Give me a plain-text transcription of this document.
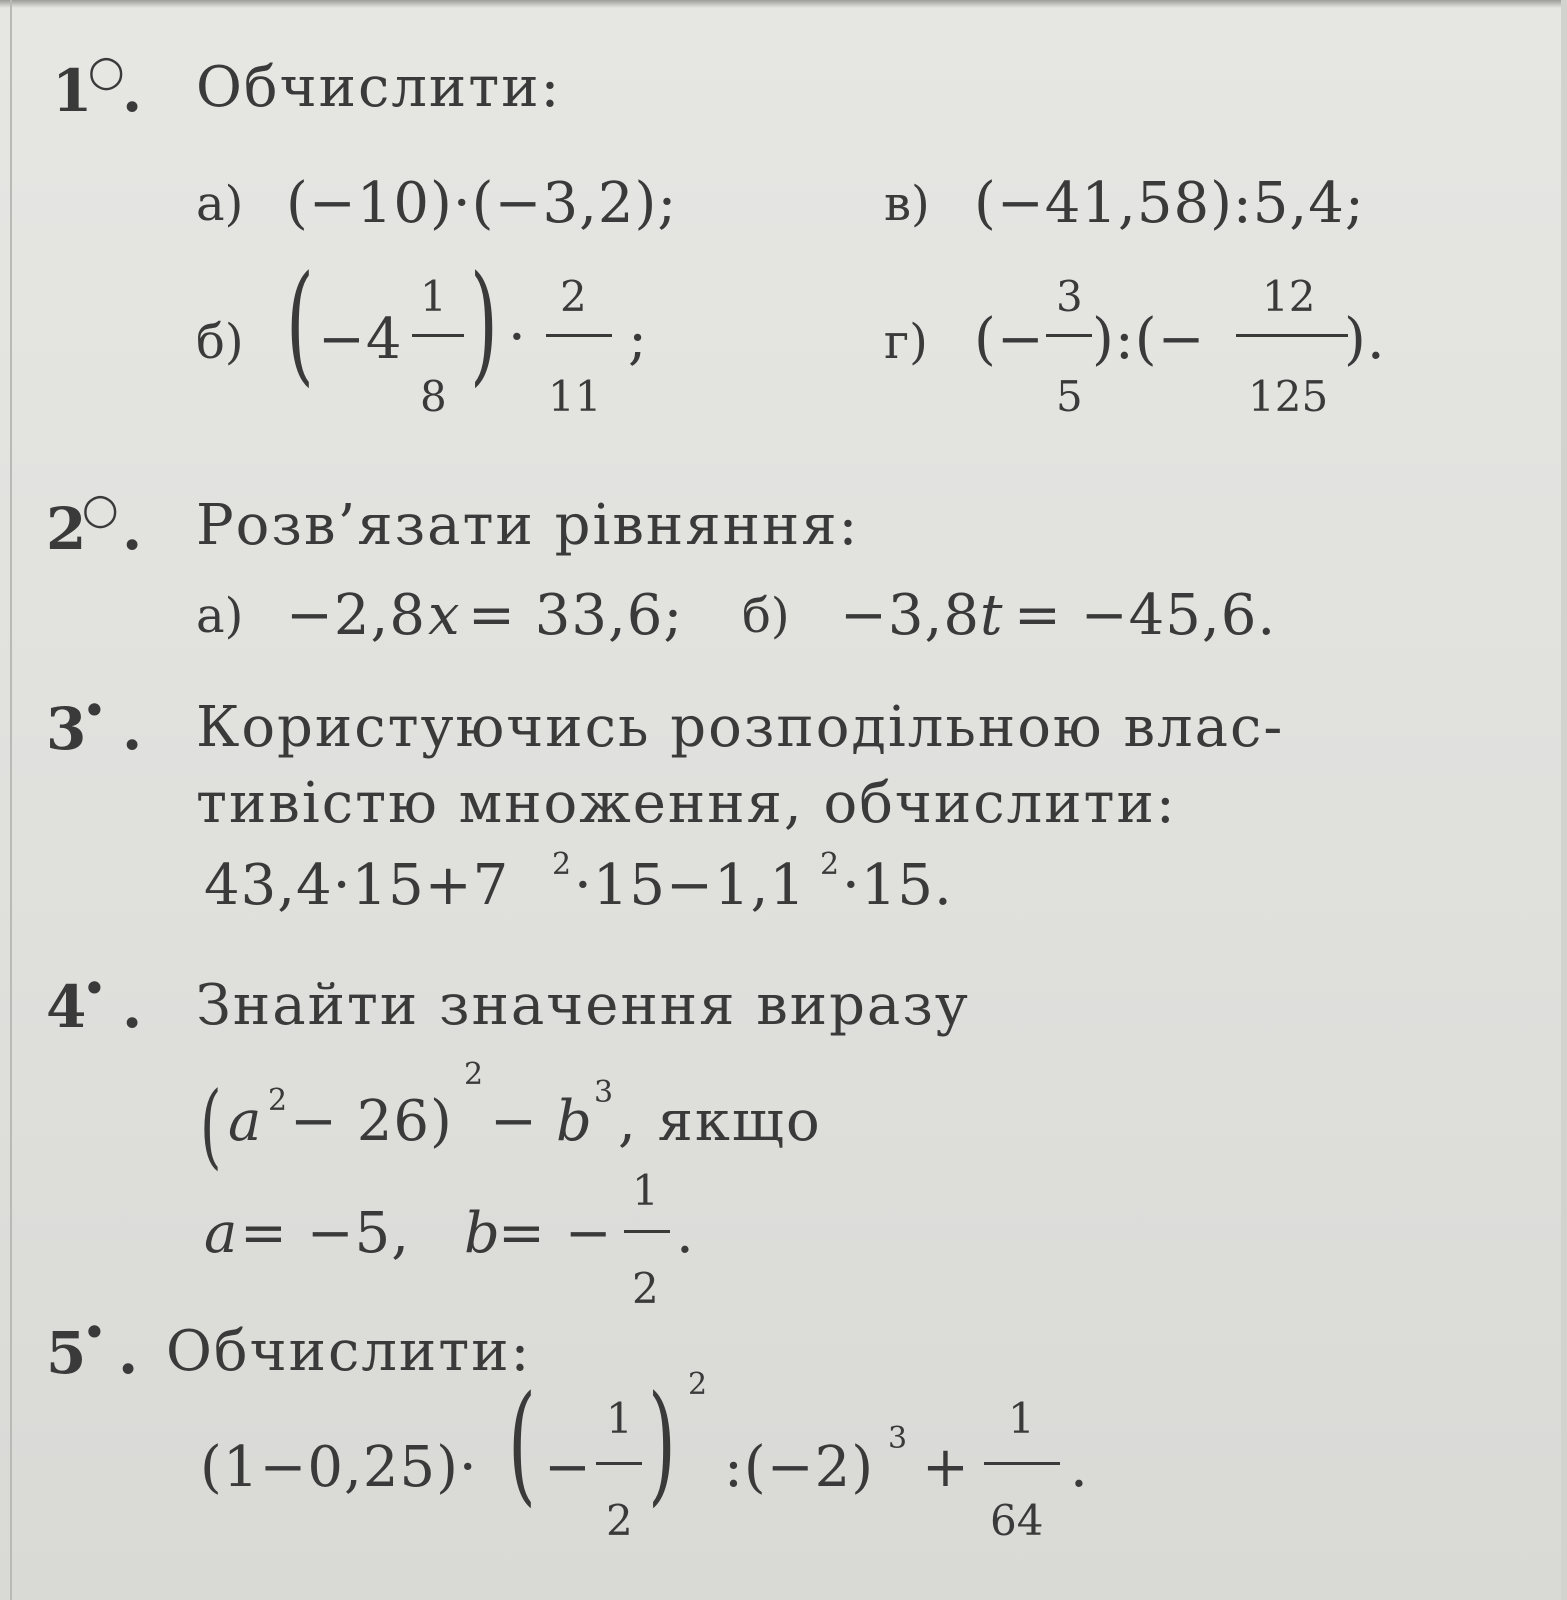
1
○
. Обчислити:
а) (−10)·(−3,2);	в) (−41,58):5,4;
б) ( −4
1
8 ) ·
2
11
;	г) (−
3
5
):(−
12
125
).
2
○ . Розв’язати рівняння:
а) −2,8 x = 33,6; б) −3,8 t = −45,6.
3
• . Користуючись розподільною влас-
тивістю множення, обчислити:
43,4·15+7 2 ·15−1,1 2 ·15.
4
• . Знайти значення виразу
( a 2 − 26)
2
− b 3 , якщо
a = −5, b
= −
1
2
.
5
• . Обчислити:
(1−0,25)· ( −
1
2
) 2
:(−2) 3 +
1
64
.
